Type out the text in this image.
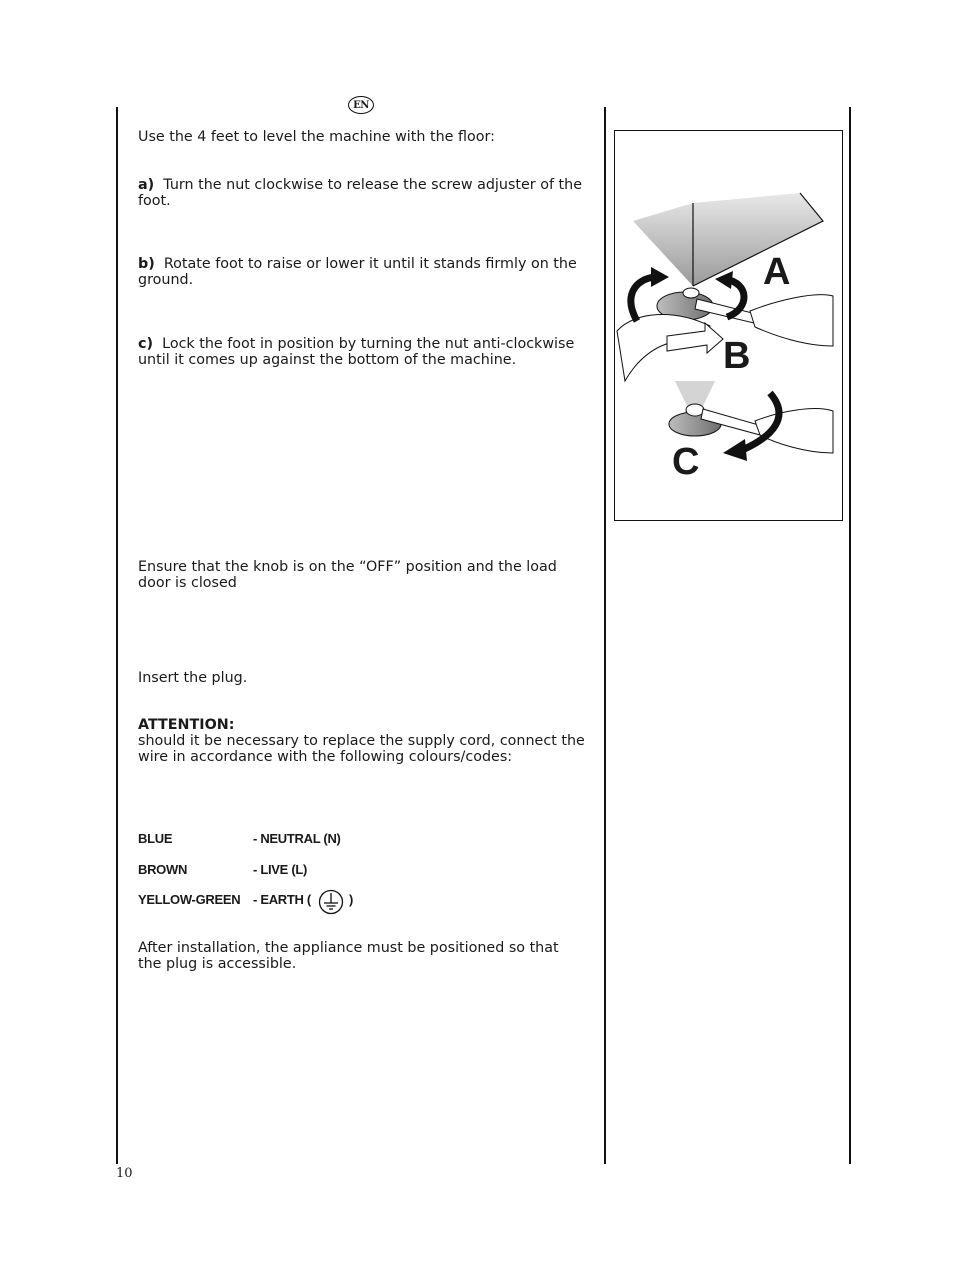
EN
Use the 4 feet to level the machine with the floor:
a) Turn the nut clockwise to release the screw adjuster of the foot.
b) Rotate foot to raise or lower it until it stands firmly on the ground.
c) Lock the foot in position by turning the nut anti-clockwise until it comes up against the bottom of the machine.
Ensure that the knob is on the “OFF” position and the load door is closed
Insert the plug.
ATTENTION:
should it be necessary to replace the supply cord, connect the wire in accordance with the following colours/codes:
BLUE	- NEUTRAL (N)
BROWN	- LIVE (L)
YELLOW-GREEN - EARTH (	)
After installation, the appliance must be positioned so that the plug is accessible.
10
A
B
C
